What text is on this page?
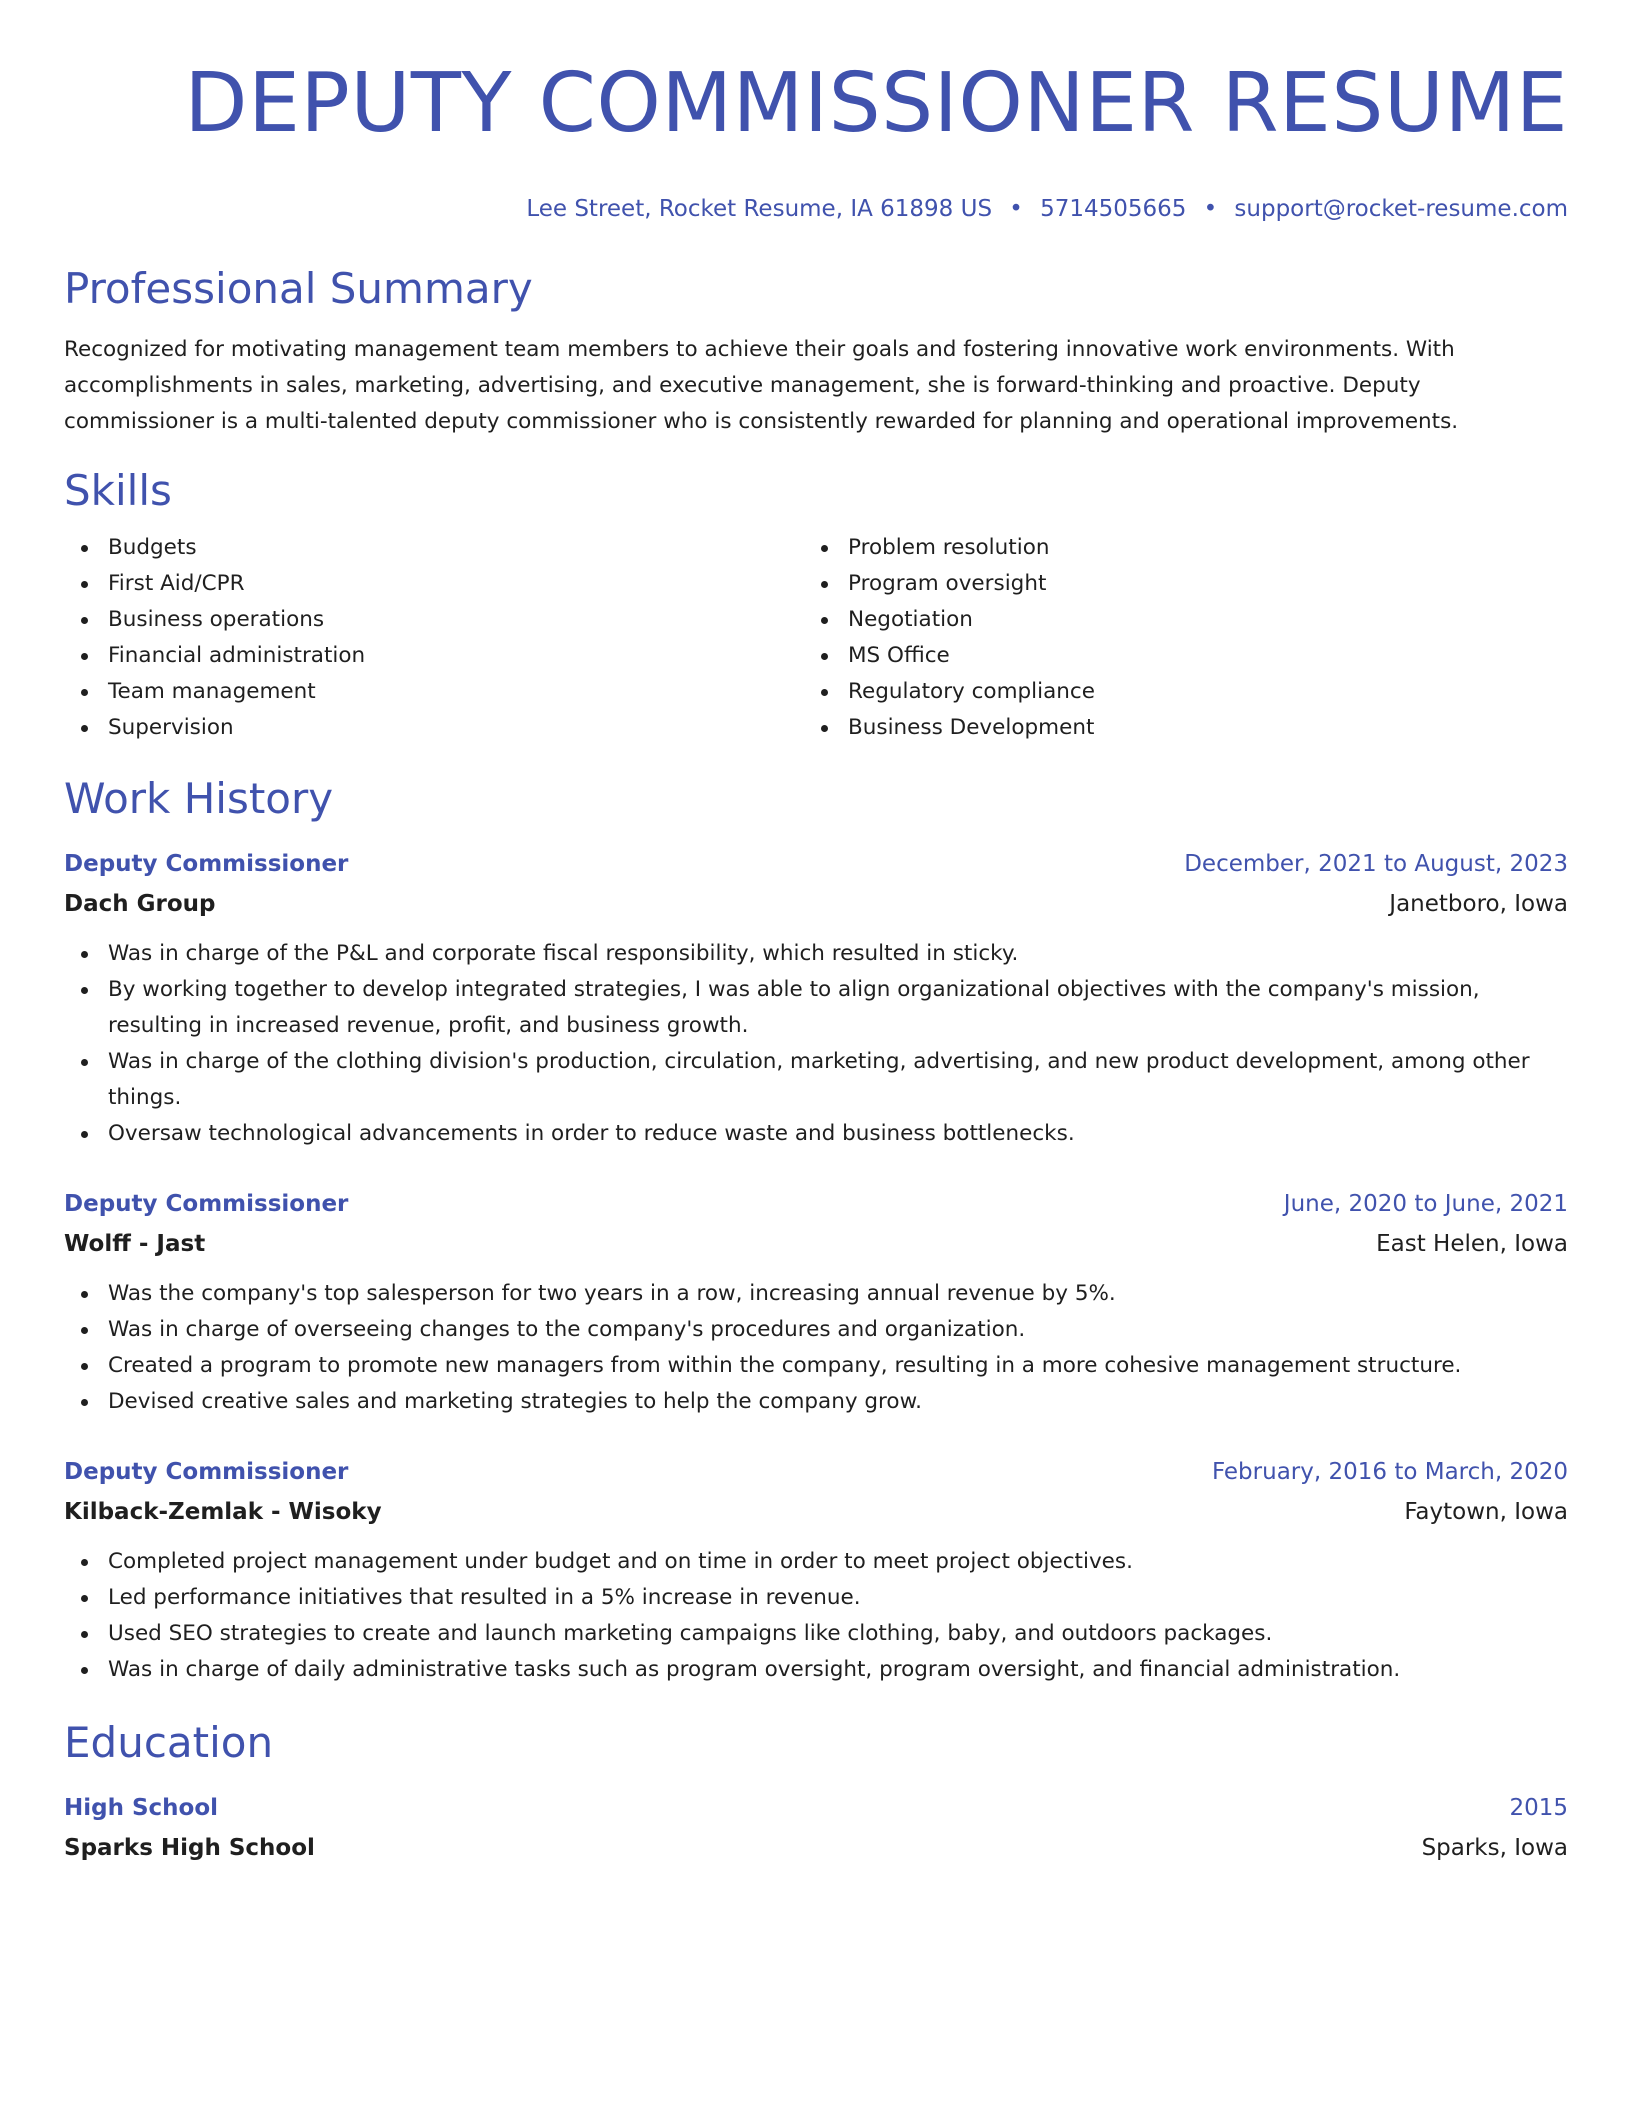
DEPUTY COMMISSIONER RESUME
Lee Street, Rocket Resume, IA 61898 US • 5714505665 • support@rocket-resume.com
Professional Summary

Recognized for motivating management team members to achieve their goals and fostering innovative work environments. With accomplishments in sales, marketing, advertising, and executive management, she is forward-thinking and proactive. Deputy commissioner is a multi-talented deputy commissioner who is consistently rewarded for planning and operational improvements.

Skills
Budgets
First Aid/CPR
Business operations
Financial administration
Team management
Supervision
Problem resolution
Program oversight
Negotiation
MS Office
Regulatory compliance
Business Development
Work History
Deputy Commissioner	December, 2021 to August, 2023
Dach Group	Janetboro, Iowa
Was in charge of the P&L and corporate fiscal responsibility, which resulted in sticky.
By working together to develop integrated strategies, I was able to align organizational objectives with the company's mission, resulting in increased revenue, profit, and business growth.
Was in charge of the clothing division's production, circulation, marketing, advertising, and new product development, among other things.
Oversaw technological advancements in order to reduce waste and business bottlenecks.
Deputy Commissioner	June, 2020 to June, 2021
Wolff - Jast	East Helen, Iowa
Was the company's top salesperson for two years in a row, increasing annual revenue by 5%.
Was in charge of overseeing changes to the company's procedures and organization.
Created a program to promote new managers from within the company, resulting in a more cohesive management structure.
Devised creative sales and marketing strategies to help the company grow.
Deputy Commissioner	February, 2016 to March, 2020
Kilback-Zemlak - Wisoky	Faytown, Iowa
Completed project management under budget and on time in order to meet project objectives.
Led performance initiatives that resulted in a 5% increase in revenue.
Used SEO strategies to create and launch marketing campaigns like clothing, baby, and outdoors packages.
Was in charge of daily administrative tasks such as program oversight, program oversight, and financial administration.
Education
High School	2015
Sparks High School	Sparks, Iowa
